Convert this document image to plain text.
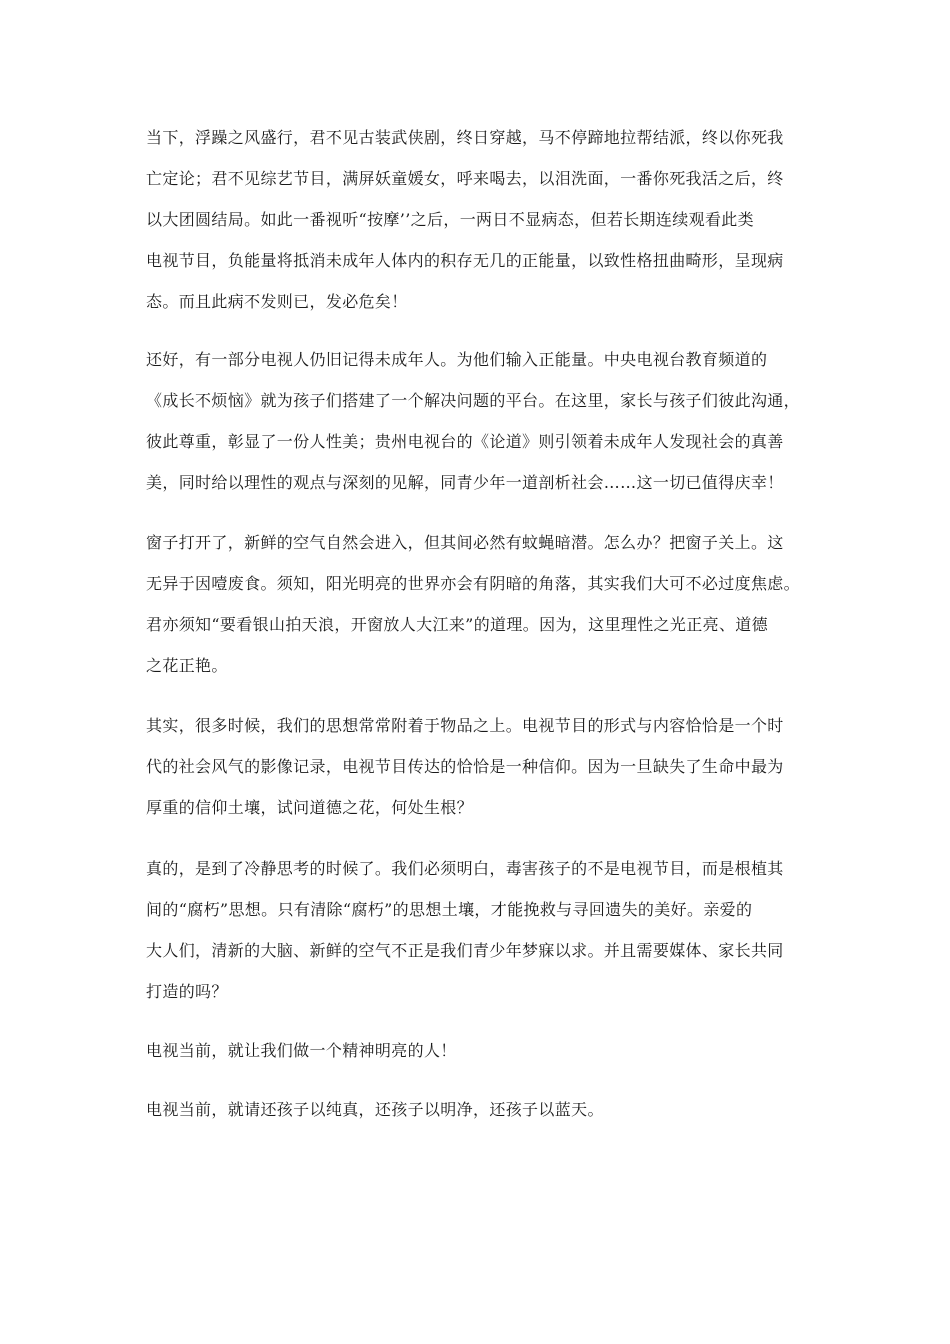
当下，浮躁之风盛行，君不见古装武侠剧，终日穿越，马不停蹄地拉帮结派，终以你死我
亡定论；君不见综艺节目，满屏妖童媛女，呼来喝去，以泪洗面，一番你死我活之后，终
以大团圆结局。如此一番视听“按摩’’之后，一两日不显病态，但若长期连续观看此类
电视节目，负能量将抵消未成年人体内的积存无几的正能量，以致性格扭曲畸形，呈现病
态。而且此病不发则已，发必危矣！

还好，有一部分电视人仍旧记得未成年人。为他们输入正能量。中央电视台教育频道的
《成长不烦恼》就为孩子们搭建了一个解决问题的平台。在这里，家长与孩子们彼此沟通，
彼此尊重，彰显了一份人性美；贵州电视台的《论道》则引领着未成年人发现社会的真善
美，同时给以理性的观点与深刻的见解，同青少年一道剖析社会……这一切已值得庆幸！

窗子打开了，新鲜的空气自然会进入，但其间必然有蚊蝇暗潜。怎么办？把窗子关上。这
无异于因噎废食。须知，阳光明亮的世界亦会有阴暗的角落，其实我们大可不必过度焦虑。
君亦须知“要看银山拍天浪，开窗放人大江来”的道理。因为，这里理性之光正亮、道德
之花正艳。

其实，很多时候，我们的思想常常附着于物品之上。电视节目的形式与内容恰恰是一个时
代的社会风气的影像记录，电视节目传达的恰恰是一种信仰。因为一旦缺失了生命中最为
厚重的信仰土壤，试问道德之花，何处生根？

真的，是到了冷静思考的时候了。我们必须明白，毒害孩子的不是电视节目，而是根植其
间的“腐朽”思想。只有清除“腐朽”的思想土壤，才能挽救与寻回遗失的美好。亲爱的
大人们，清新的大脑、新鲜的空气不正是我们青少年梦寐以求。并且需要媒体、家长共同
打造的吗？

电视当前，就让我们做一个精神明亮的人！

电视当前，就请还孩子以纯真，还孩子以明净，还孩子以蓝天。
